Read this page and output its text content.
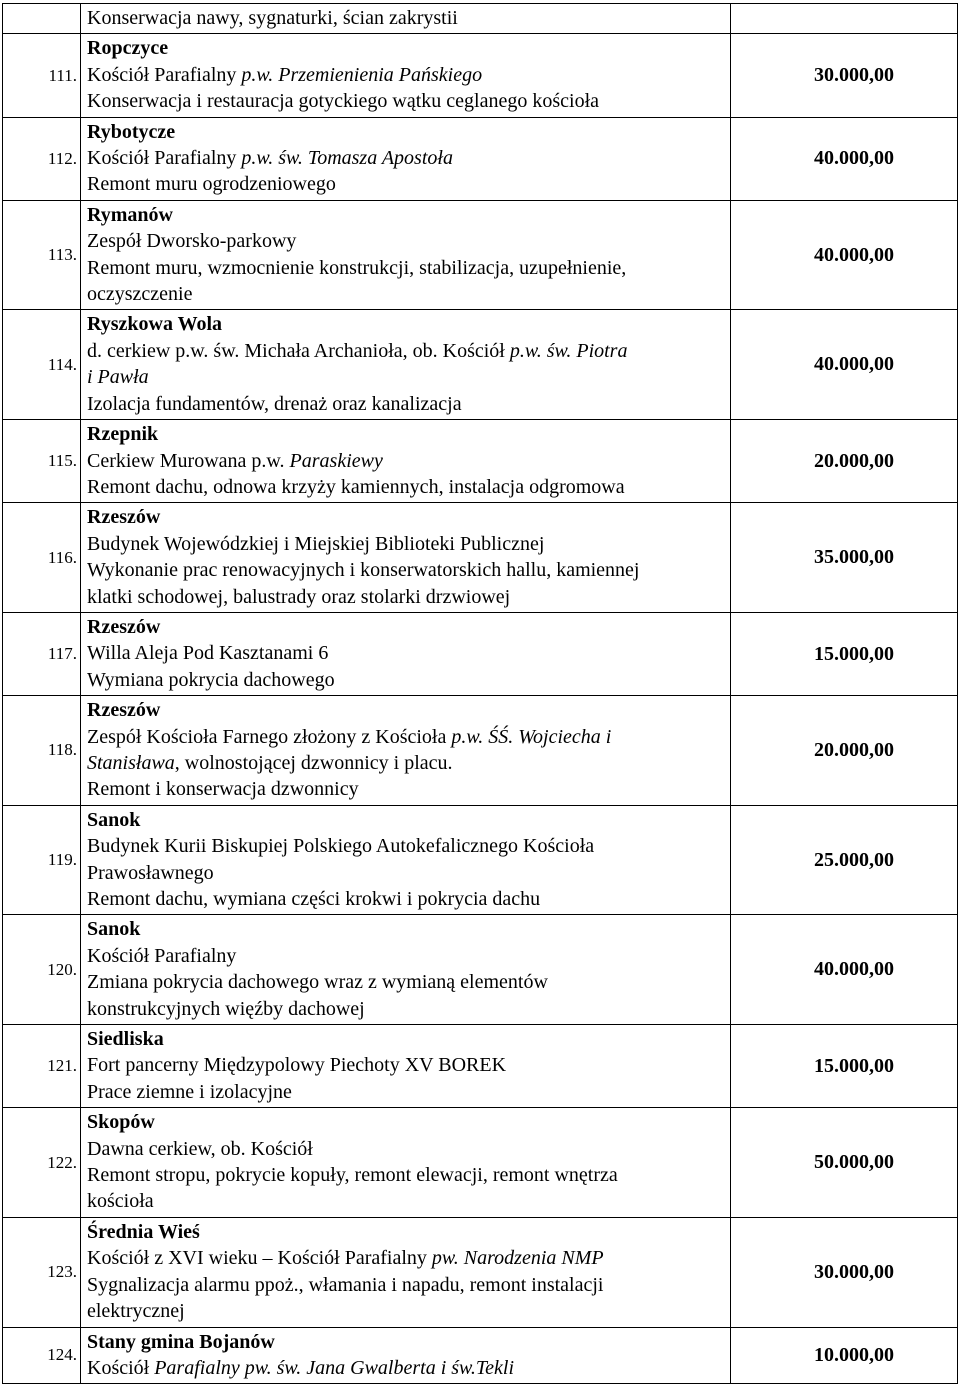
	Konserwacja nawy, sygnaturki, ścian zakrystii	

111.	Ropczyce
Kościół Parafialny p.w. Przemienienia Pańskiego
Konserwacja i restauracja gotyckiego wątku ceglanego kościoła	30.000,00
112.	Rybotycze
Kościół Parafialny p.w. św. Tomasza Apostoła
Remont muru ogrodzeniowego	40.000,00
113.	Rymanów
Zespół Dworsko-parkowy
Remont muru, wzmocnienie konstrukcji, stabilizacja, uzupełnienie,
oczyszczenie	40.000,00
114.	Ryszkowa Wola
d. cerkiew p.w. św. Michała Archanioła, ob. Kościół p.w. św. Piotra
i Pawła
Izolacja fundamentów, drenaż oraz kanalizacja	40.000,00
115.	Rzepnik
Cerkiew Murowana p.w. Paraskiewy
Remont dachu, odnowa krzyży kamiennych, instalacja odgromowa	20.000,00
116.	Rzeszów
Budynek Wojewódzkiej i Miejskiej Biblioteki Publicznej
Wykonanie prac renowacyjnych i konserwatorskich hallu, kamiennej
klatki schodowej, balustrady oraz stolarki drzwiowej	35.000,00
117.	Rzeszów
Willa Aleja Pod Kasztanami 6
Wymiana pokrycia dachowego	15.000,00
118.	Rzeszów
Zespół Kościoła Farnego złożony z Kościoła p.w. ŚŚ. Wojciecha i
Stanisława, wolnostojącej dzwonnicy i placu.
Remont i konserwacja dzwonnicy	20.000,00
119.	Sanok
Budynek Kurii Biskupiej Polskiego Autokefalicznego Kościoła
Prawosławnego
Remont dachu, wymiana części krokwi i pokrycia dachu	25.000,00
120.	Sanok
Kościół Parafialny
Zmiana pokrycia dachowego wraz z wymianą elementów
konstrukcyjnych więźby dachowej	40.000,00
121.	Siedliska
Fort pancerny Międzypolowy Piechoty XV BOREK
Prace ziemne i izolacyjne	15.000,00
122.	Skopów
Dawna cerkiew, ob. Kościół
Remont stropu, pokrycie kopuły, remont elewacji, remont wnętrza
kościoła	50.000,00
123.	Średnia Wieś
Kościół z XVI wieku – Kościół Parafialny pw. Narodzenia NMP
Sygnalizacja alarmu ppoż., włamania i napadu, remont instalacji
elektrycznej	30.000,00
124.	Stany gmina Bojanów
Kościół Parafialny pw. św. Jana Gwalberta i św.Tekli	10.000,00
